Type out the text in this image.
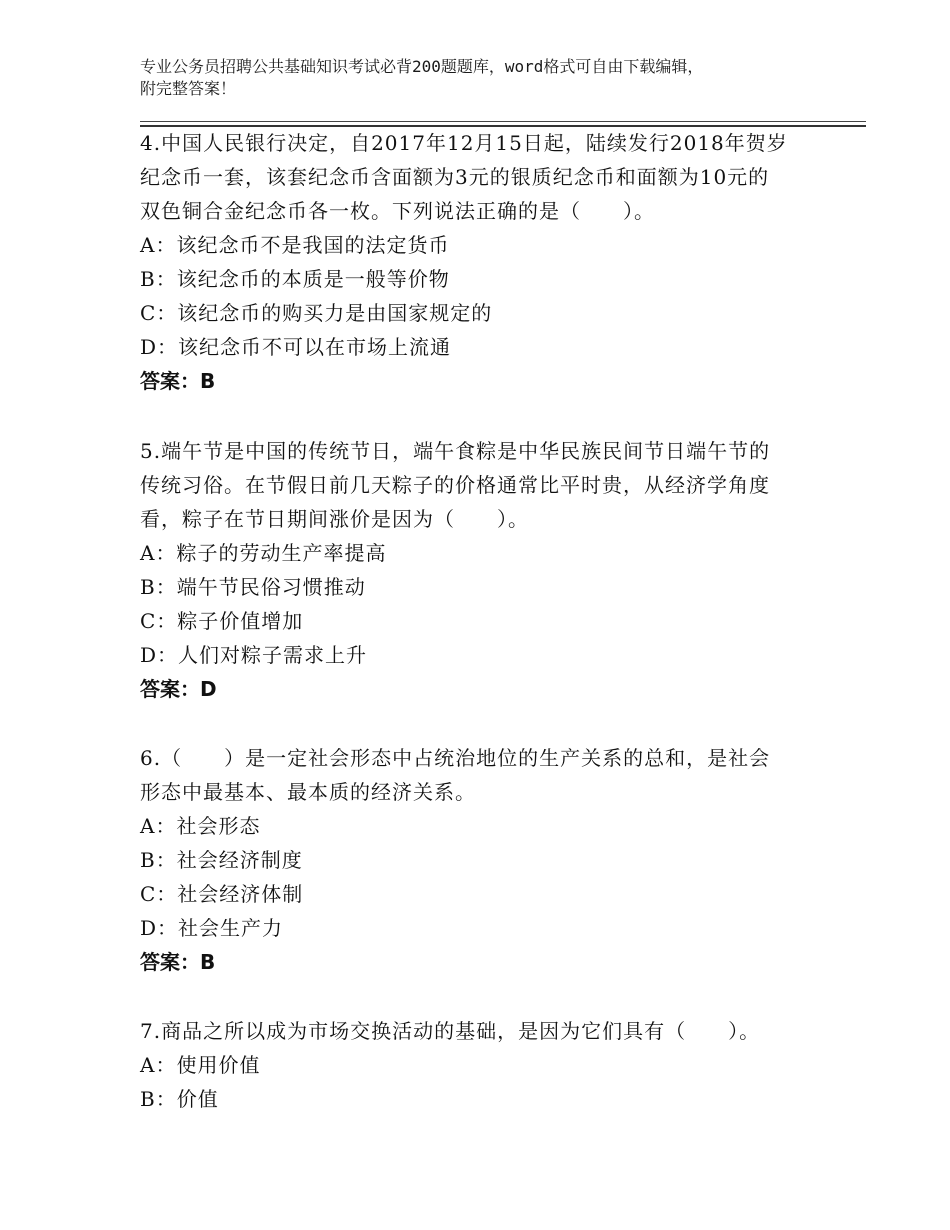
专业公务员招聘公共基础知识考试必背200题题库，word格式可自由下载编辑，
附完整答案！

4.中国人民银行决定，自2017年12月15日起，陆续发行2018年贺岁

纪念币一套，该套纪念币含面额为3元的银质纪念币和面额为10元的

双色铜合金纪念币各一枚。下列说法正确的是（　　）。

A：该纪念币不是我国的法定货币

B：该纪念币的本质是一般等价物

C：该纪念币的购买力是由国家规定的

D：该纪念币不可以在市场上流通

答案：B

5.端午节是中国的传统节日，端午食粽是中华民族民间节日端午节的

传统习俗。在节假日前几天粽子的价格通常比平时贵，从经济学角度

看，粽子在节日期间涨价是因为（　　）。

A：粽子的劳动生产率提高

B：端午节民俗习惯推动

C：粽子价值增加

D：人们对粽子需求上升

答案：D

6.（　　）是一定社会形态中占统治地位的生产关系的总和，是社会

形态中最基本、最本质的经济关系。

A：社会形态

B：社会经济制度

C：社会经济体制

D：社会生产力

答案：B

7.商品之所以成为市场交换活动的基础，是因为它们具有（　　）。

A：使用价值

B：价值
